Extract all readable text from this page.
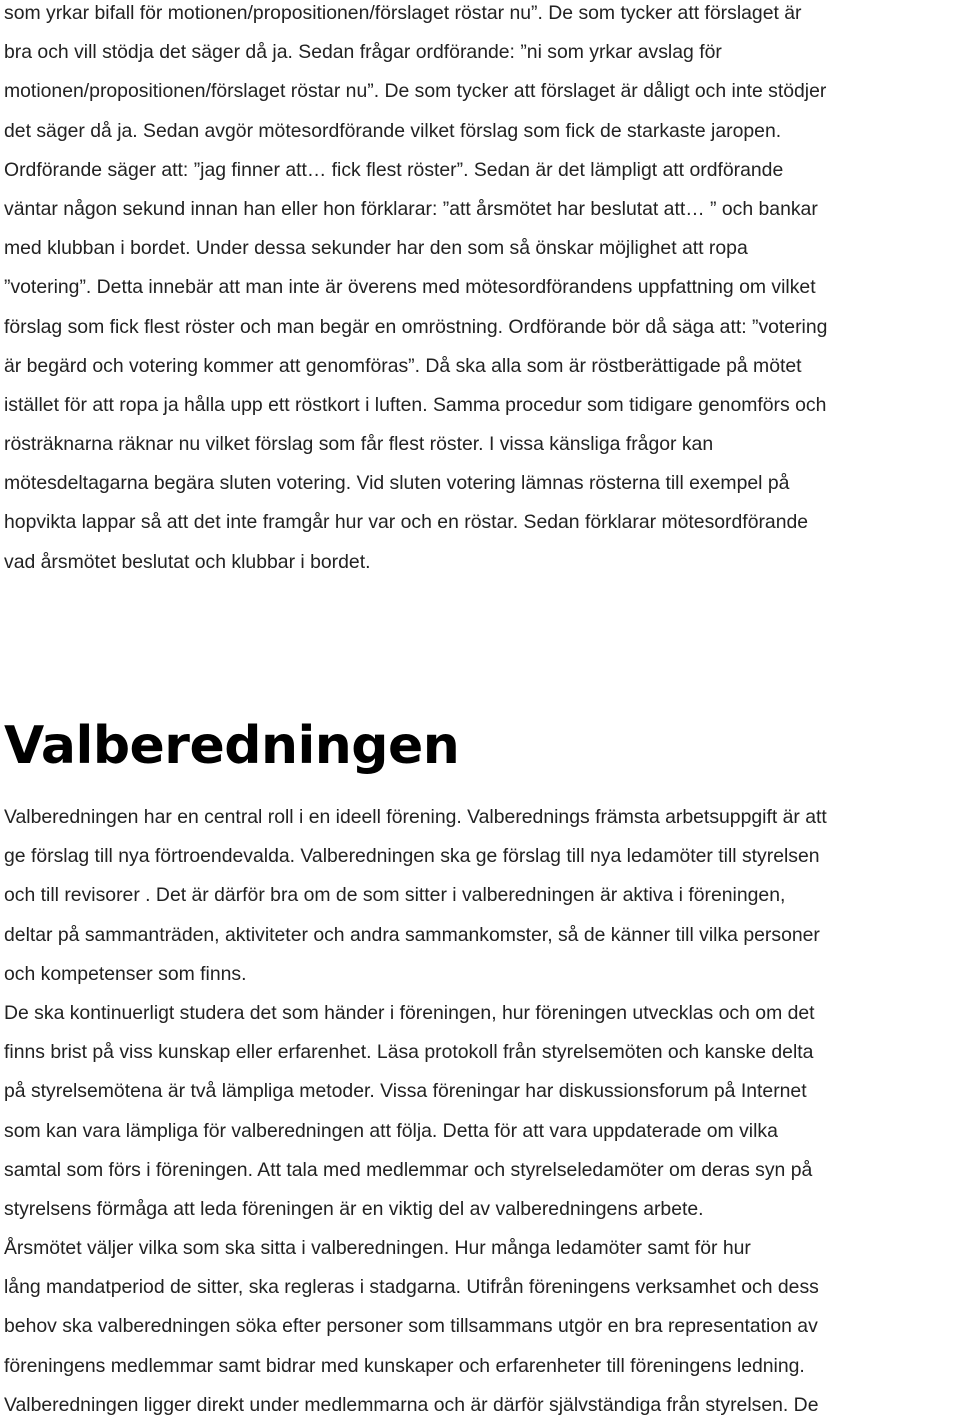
som yrkar bifall för motionen/propositionen/förslaget röstar nu”. De som tycker att förslaget är
bra och vill stödja det säger då ja. Sedan frågar ordförande: ”ni som yrkar avslag för
motionen/propositionen/förslaget röstar nu”. De som tycker att förslaget är dåligt och inte stödjer
det säger då ja. Sedan avgör mötesordförande vilket förslag som fick de starkaste jaropen.
Ordförande säger att: ”jag finner att… fick flest röster”. Sedan är det lämpligt att ordförande
väntar någon sekund innan han eller hon förklarar: ”att årsmötet har beslutat att… ” och bankar
med klubban i bordet. Under dessa sekunder har den som så önskar möjlighet att ropa
”votering”. Detta innebär att man inte är överens med mötesordförandens uppfattning om vilket
förslag som fick flest röster och man begär en omröstning. Ordförande bör då säga att: ”votering
är begärd och votering kommer att genomföras”. Då ska alla som är röstberättigade på mötet
istället för att ropa ja hålla upp ett röstkort i luften. Samma procedur som tidigare genomförs och
rösträknarna räknar nu vilket förslag som får flest röster. I vissa känsliga frågor kan
mötesdeltagarna begära sluten votering. Vid sluten votering lämnas rösterna till exempel på
hopvikta lappar så att det inte framgår hur var och en röstar. Sedan förklarar mötesordförande
vad årsmötet beslutat och klubbar i bordet.
Valberedningen
Valberedningen har en central roll i en ideell förening. Valberednings främsta arbetsuppgift är att
ge förslag till nya förtroendevalda. Valberedningen ska ge förslag till nya ledamöter till styrelsen
och till revisorer . Det är därför bra om de som sitter i valberedningen är aktiva i föreningen,
deltar på sammanträden, aktiviteter och andra sammankomster, så de känner till vilka personer
och kompetenser som finns.
De ska kontinuerligt studera det som händer i föreningen, hur föreningen utvecklas och om det
finns brist på viss kunskap eller erfarenhet. Läsa protokoll från styrelsemöten och kanske delta
på styrelsemötena är två lämpliga metoder. Vissa föreningar har diskussionsforum på Internet
som kan vara lämpliga för valberedningen att följa. Detta för att vara uppdaterade om vilka
samtal som förs i föreningen. Att tala med medlemmar och styrelseledamöter om deras syn på
styrelsens förmåga att leda föreningen är en viktig del av valberedningens arbete.
Årsmötet väljer vilka som ska sitta i valberedningen. Hur många ledamöter samt för hur
lång mandatperiod de sitter, ska regleras i stadgarna. Utifrån föreningens verksamhet och dess
behov ska valberedningen söka efter personer som tillsammans utgör en bra representation av
föreningens medlemmar samt bidrar med kunskaper och erfarenheter till föreningens ledning.
Valberedningen ligger direkt under medlemmarna och är därför självständiga från styrelsen. De
